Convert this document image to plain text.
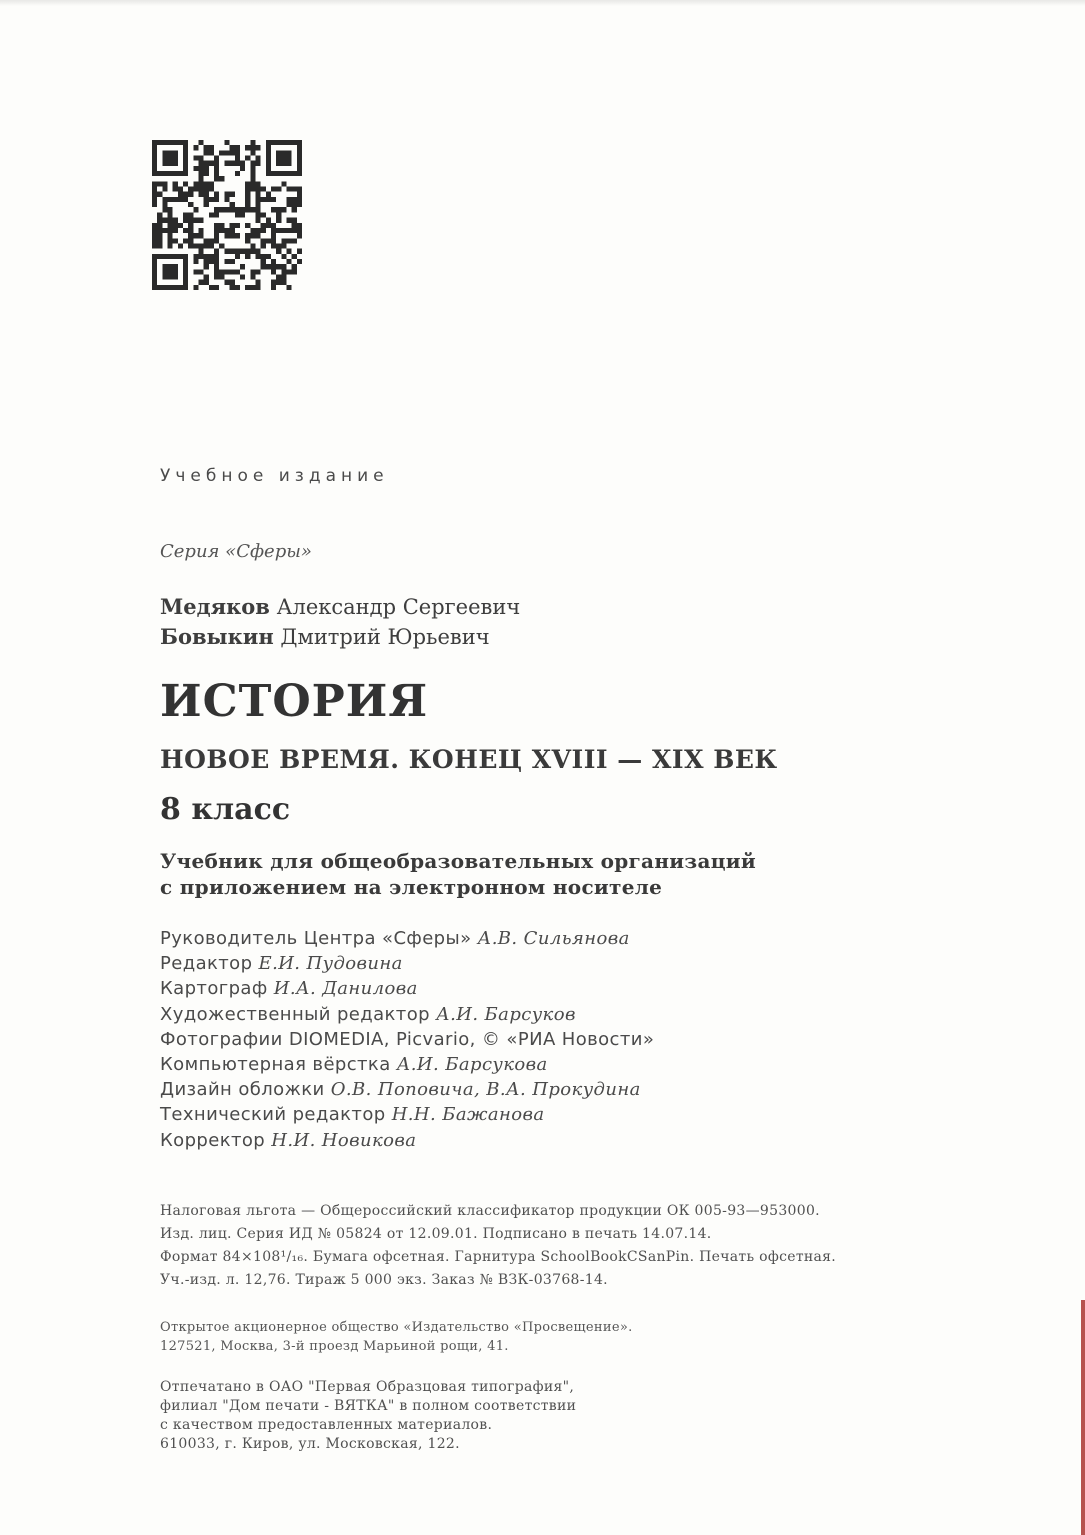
Учебное издание
Серия «Сферы»
Медяков Александр Сергеевич
Бовыкин Дмитрий Юрьевич
ИСТОРИЯ
НОВОЕ ВРЕМЯ. КОНЕЦ XVIII — XIX ВЕК
8 класс
Учебник для общеобразовательных организаций
с приложением на электронном носителе
Руководитель Центра «Сферы» А.В. Сильянова
Редактор Е.И. Пудовина
Картограф И.А. Данилова
Художественный редактор А.И. Барсуков
Фотографии DIOMEDIA, Picvario, © «РИА Новости»
Компьютерная вёрстка А.И. Барсукова
Дизайн обложки О.В. Поповича, В.А. Прокудина
Технический редактор Н.Н. Бажанова
Корректор Н.И. Новикова
Налоговая льгота — Общероссийский классификатор продукции ОК 005-93—953000.
Изд. лиц. Серия ИД № 05824 от 12.09.01. Подписано в печать 14.07.14.
Формат 84×108¹/₁₆. Бумага офсетная. Гарнитура SchoolBookCSanPin. Печать офсетная.
Уч.-изд. л. 12,76. Тираж 5 000 экз. Заказ № ВЗК-03768-14.
Открытое акционерное общество «Издательство «Просвещение».
127521, Москва, 3-й проезд Марьиной рощи, 41.
Отпечатано в ОАО "Первая Образцовая типография",
филиал "Дом печати - ВЯТКА" в полном соответствии
с качеством предоставленных материалов.
610033, г. Киров, ул. Московская, 122.
